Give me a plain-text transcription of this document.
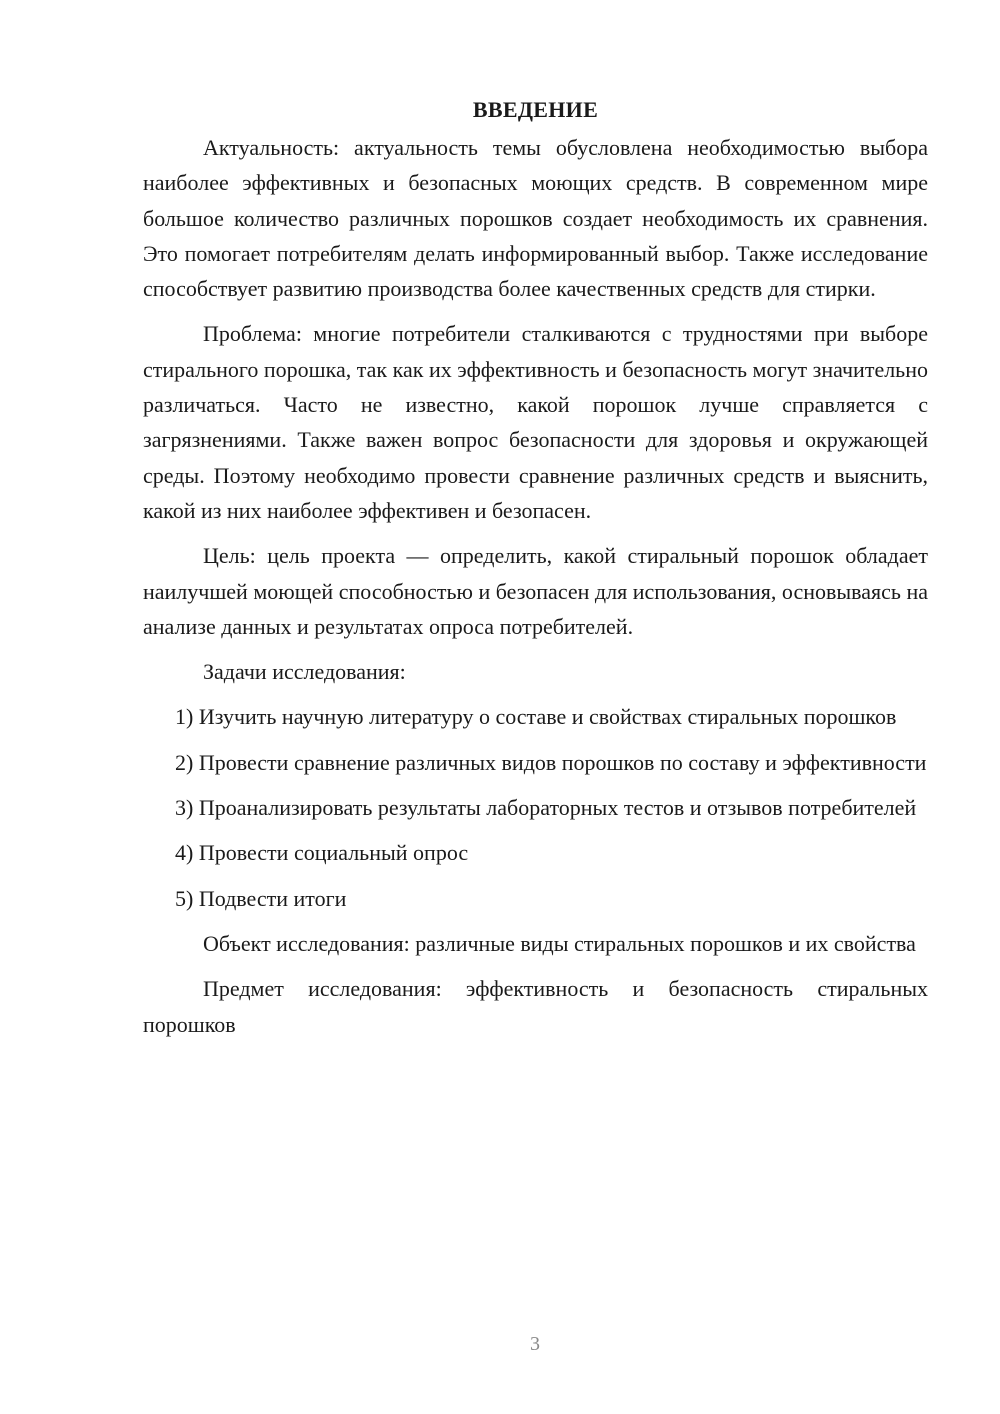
ВВЕДЕНИЕ

Актуальность: актуальность темы обусловлена необходимостью выбора наиболее эффективных и безопасных моющих средств. В современном мире большое количество различных порошков создает необходимость их сравнения. Это помогает потребителям делать информированный выбор. Также исследование способствует развитию производства более качественных средств для стирки.

Проблема: многие потребители сталкиваются с трудностями при выборе стирального порошка, так как их эффективность и безопасность могут значительно различаться. Часто не известно, какой порошок лучше справляется с загрязнениями. Также важен вопрос безопасности для здоровья и окружающей среды. Поэтому необходимо провести сравнение различных средств и выяснить, какой из них наиболее эффективен и безопасен.

Цель: цель проекта — определить, какой стиральный порошок обладает наилучшей моющей способностью и безопасен для использования, основываясь на анализе данных и результатах опроса потребителей.

Задачи исследования:

1) Изучить научную литературу о составе и свойствах стиральных порошков

2) Провести сравнение различных видов порошков по составу и эффективности

3) Проанализировать результаты лабораторных тестов и отзывов потребителей

4) Провести социальный опрос

5) Подвести итоги

Объект исследования: различные виды стиральных порошков и их свойства

Предмет исследования: эффективность и безопасность стиральных порошков

3
